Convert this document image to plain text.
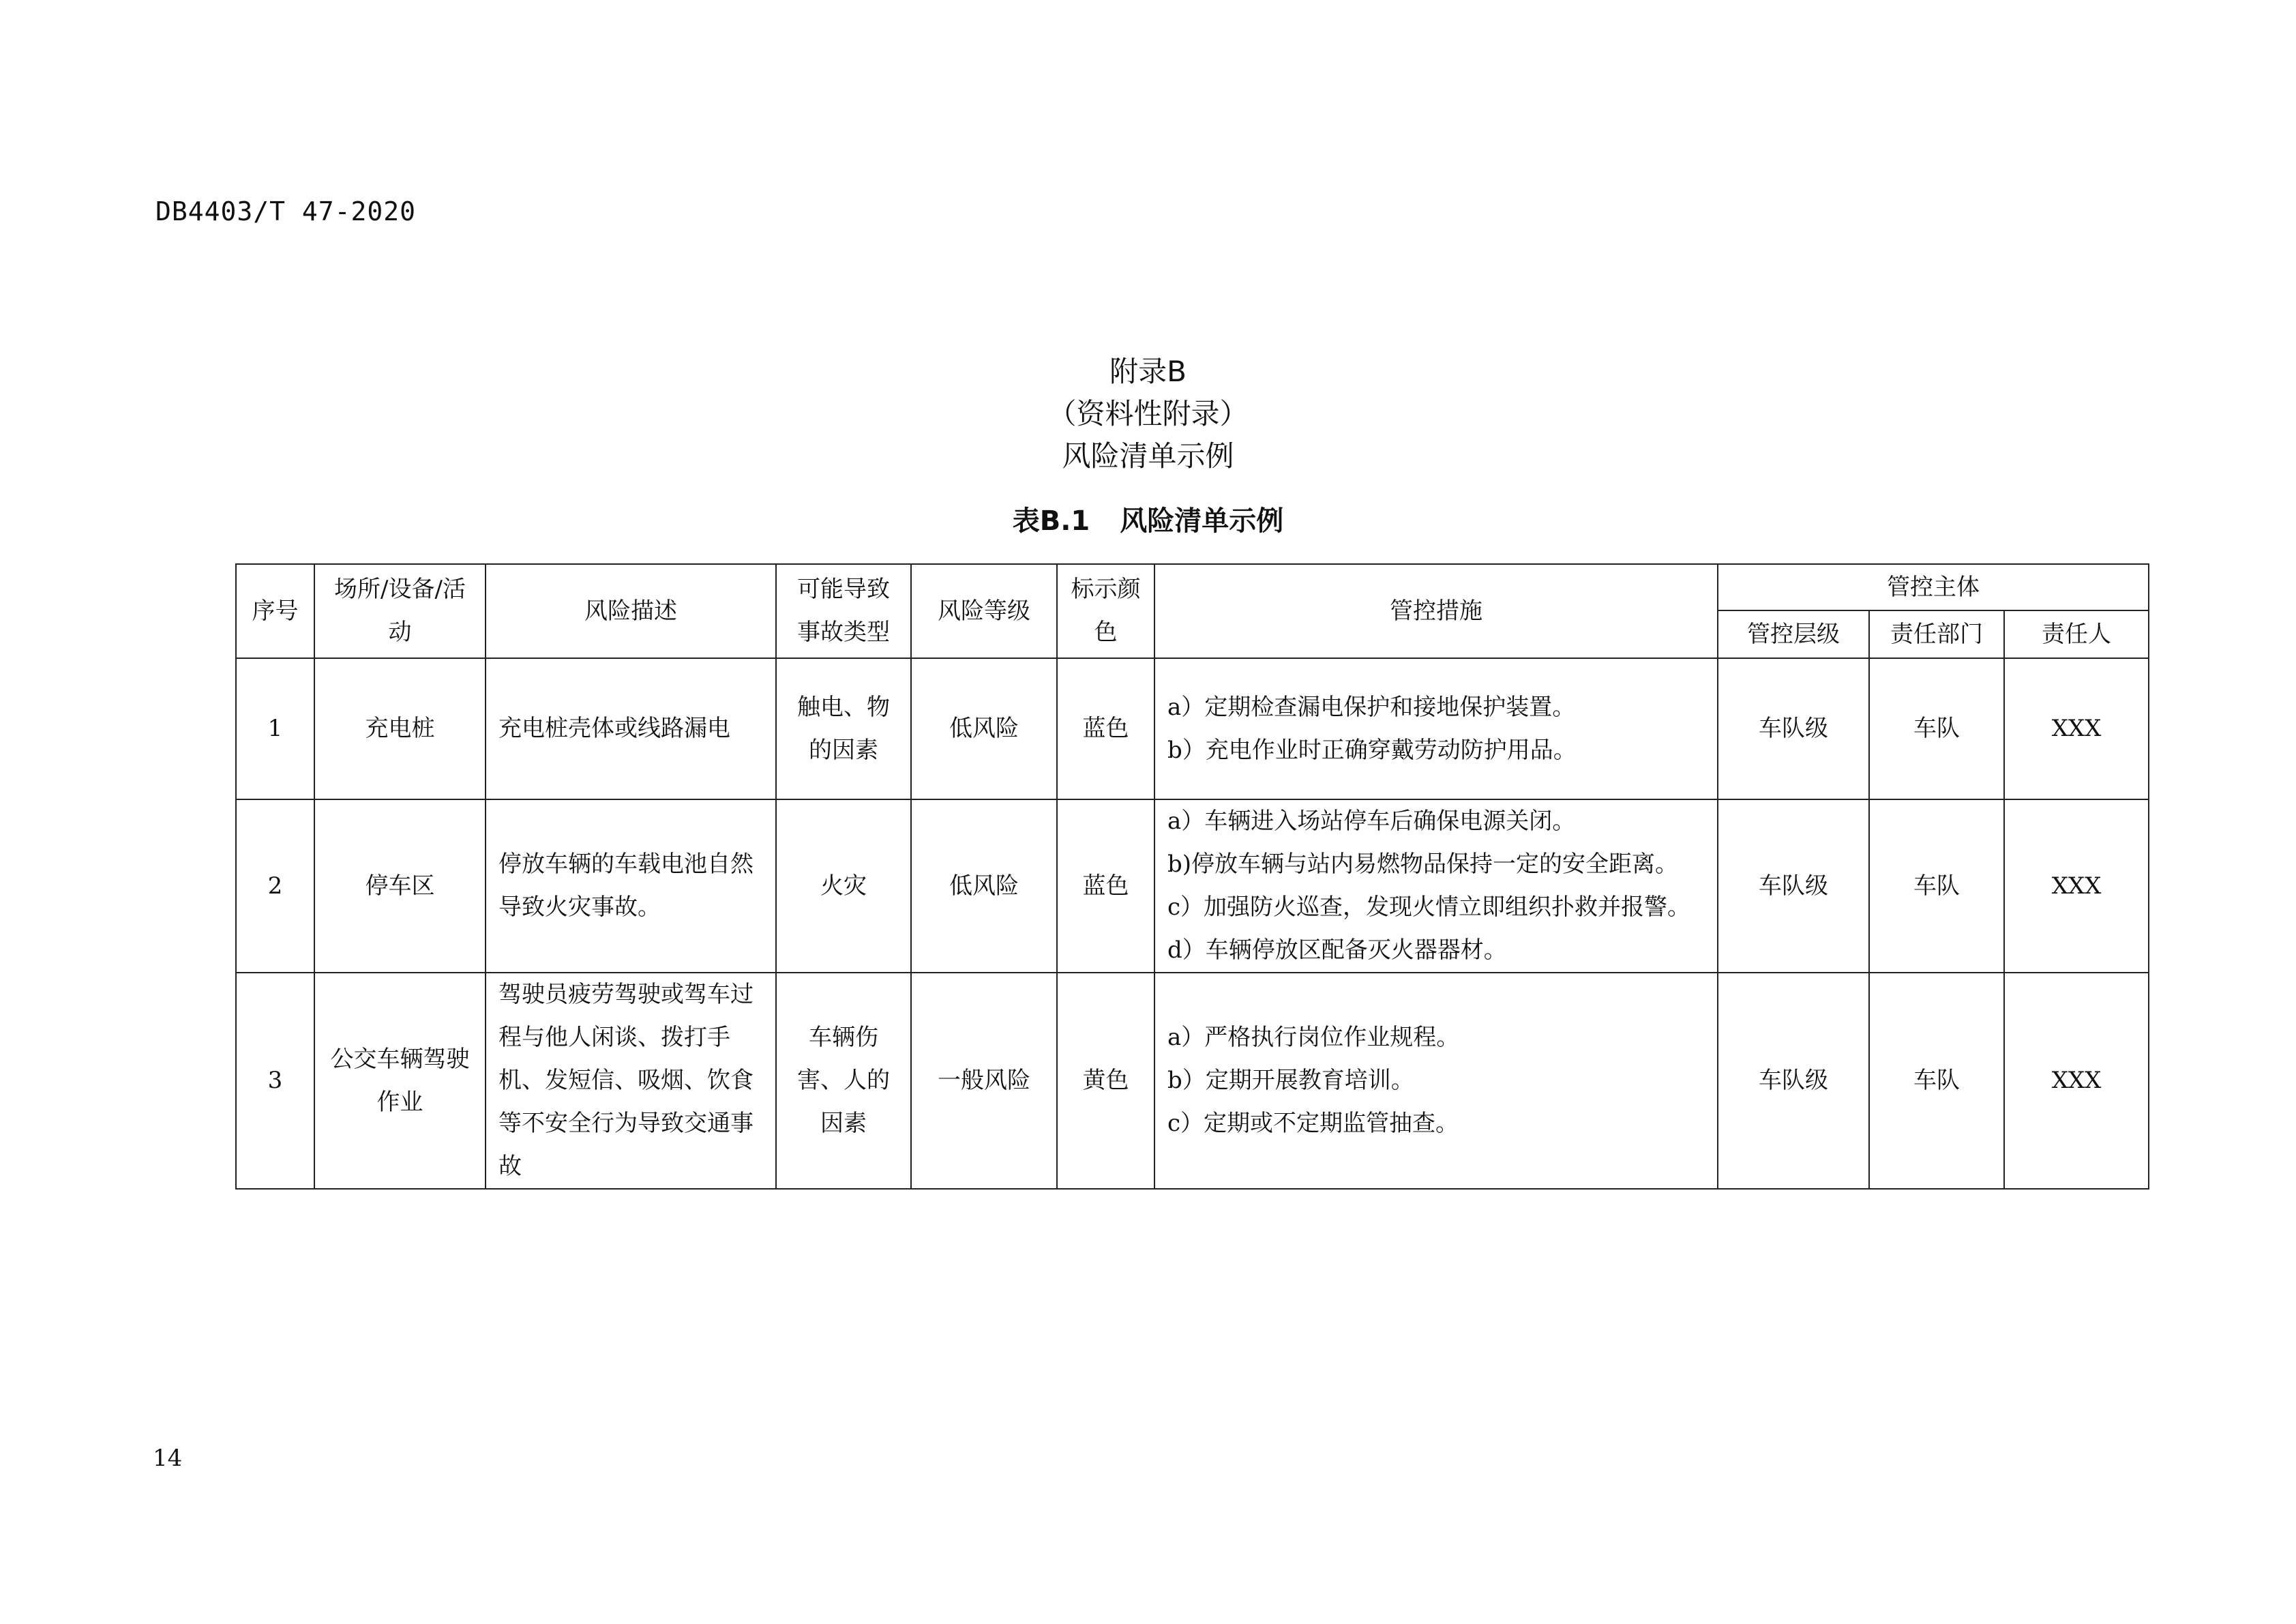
DB4403/T 47-2020
附录B
（资料性附录）
风险清单示例
表B.1 风险清单示例
序号	场所/设备/活动	风险描述	可能导致事故类型	风险等级	标示颜色	管控措施	管控主体		
							管控层级	责任部门	责任人
1	充电桩	充电桩壳体或线路漏电	触电、物的因素	低风险	蓝色	a）定期检查漏电保护和接地保护装置。
b）充电作业时正确穿戴劳动防护用品。	车队级	车队	XXX
2	停车区	停放车辆的车载电池自然导致火灾事故。	火灾	低风险	蓝色	a）车辆进入场站停车后确保电源关闭。
b)停放车辆与站内易燃物品保持一定的安全距离。
c）加强防火巡查，发现火情立即组织扑救并报警。
d）车辆停放区配备灭火器器材。	车队级	车队	XXX
3	公交车辆驾驶作业	驾驶员疲劳驾驶或驾车过程与他人闲谈、拨打手机、发短信、吸烟、饮食等不安全行为导致交通事故	车辆伤害、人的因素	一般风险	黄色	a）严格执行岗位作业规程。
b）定期开展教育培训。
c）定期或不定期监管抽查。	车队级	车队	XXX
14
